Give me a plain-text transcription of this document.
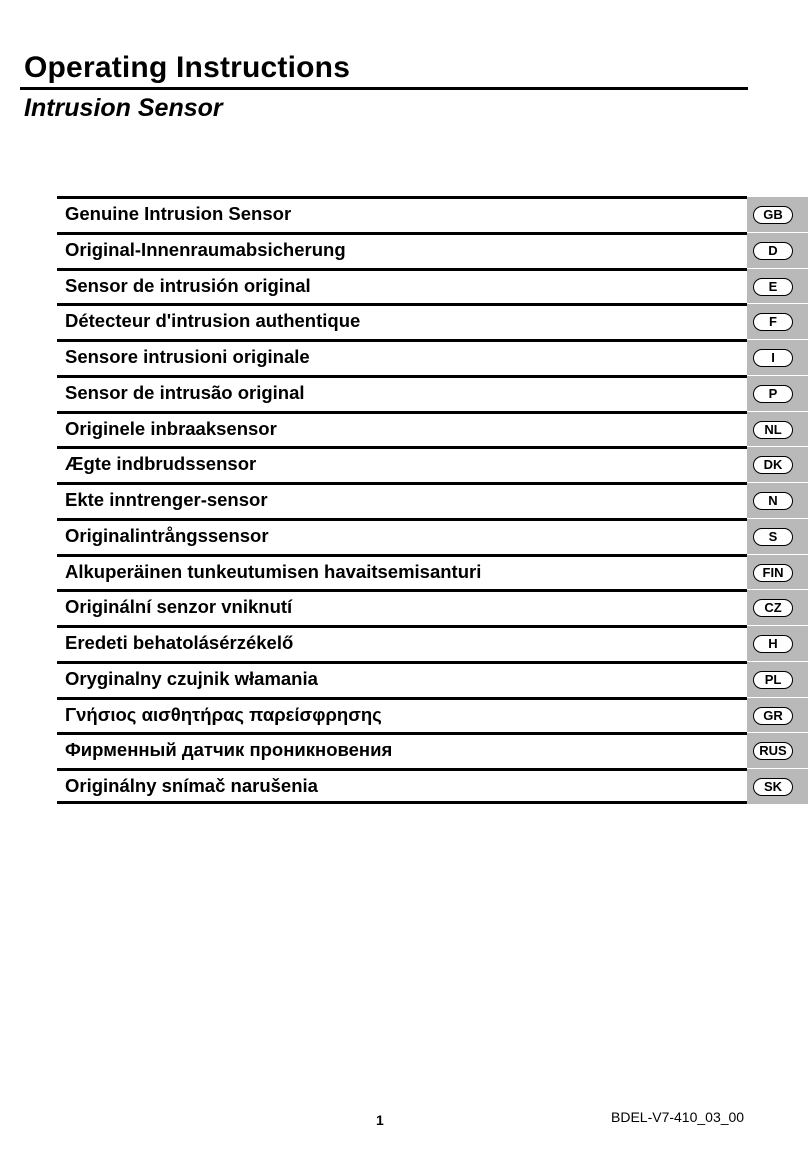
Operating Instructions
Intrusion Sensor
Genuine Intrusion Sensor	GB
Original-Innenraumabsicherung	D
Sensor de intrusión original	E
Détecteur d'intrusion authentique	F
Sensore intrusioni originale	I
Sensor de intrusão original	P
Originele inbraaksensor	NL
Ægte indbrudssensor	DK
Ekte inntrenger-sensor	N
Originalintrångssensor	S
Alkuperäinen tunkeutumisen havaitsemisanturi	FIN
Originální senzor vniknutí	CZ
Eredeti behatolásérzékelő	H
Oryginalny czujnik włamania	PL
Γνήσιος αισθητήρας παρείσφρησης	GR
Фирменный датчик проникновения	RUS
Originálny snímač narušenia	SK
1	BDEL-V7-410_03_00
